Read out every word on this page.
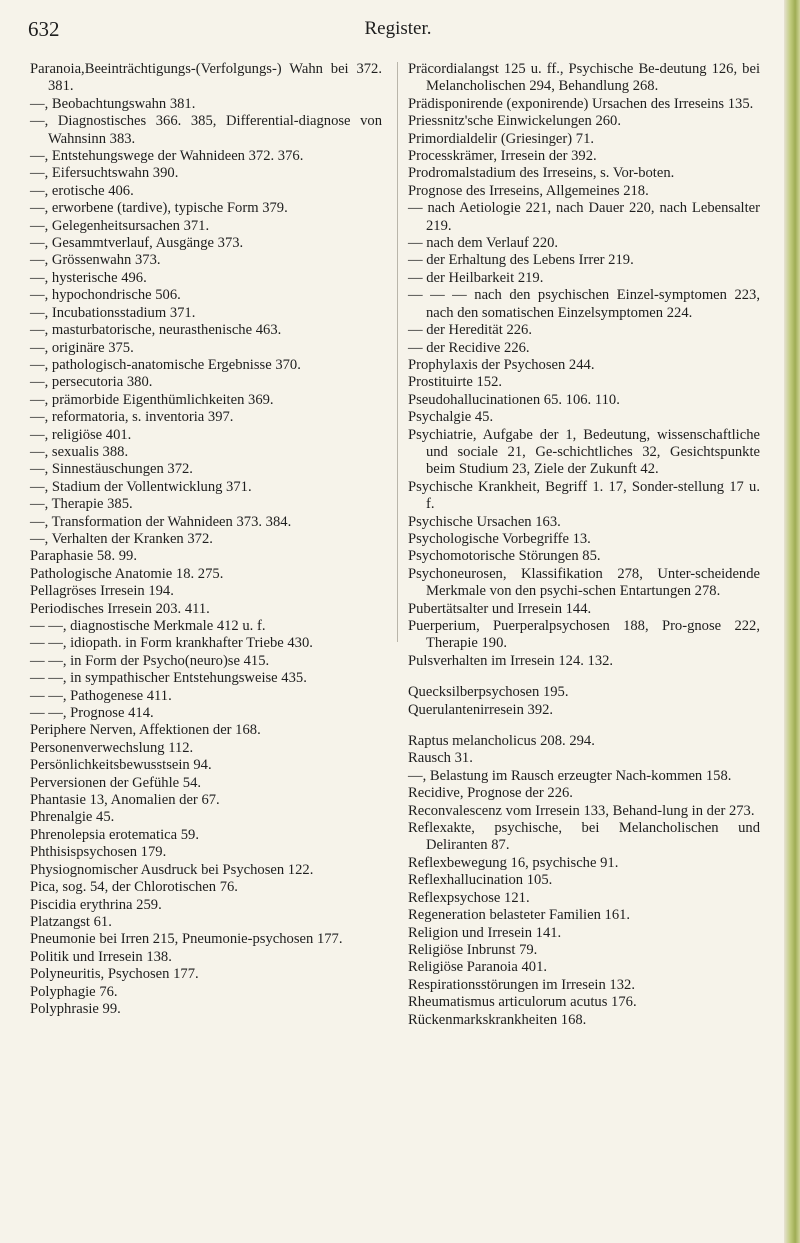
632	Register.
Paranoia,Beeinträchtigungs-(Verfolgungs-) Wahn bei 372. 381.
—, Beobachtungswahn 381.
—, Diagnostisches 366. 385, Differential-diagnose von Wahnsinn 383.
—, Entstehungswege der Wahnideen 372. 376.
—, Eifersuchtswahn 390.
—, erotische 406.
—, erworbene (tardive), typische Form 379.
—, Gelegenheitsursachen 371.
—, Gesammtverlauf, Ausgänge 373.
—, Grössenwahn 373.
—, hysterische 496.
—, hypochondrische 506.
—, Incubationsstadium 371.
—, masturbatorische, neurasthenische 463.
—, originäre 375.
—, pathologisch-anatomische Ergebnisse 370.
—, persecutoria 380.
—, prämorbide Eigenthümlichkeiten 369.
—, reformatoria, s. inventoria 397.
—, religiöse 401.
—, sexualis 388.
—, Sinnestäuschungen 372.
—, Stadium der Vollentwicklung 371.
—, Therapie 385.
—, Transformation der Wahnideen 373. 384.
—, Verhalten der Kranken 372.
Paraphasie 58. 99.
Pathologische Anatomie 18. 275.
Pellagröses Irresein 194.
Periodisches Irresein 203. 411.
— —, diagnostische Merkmale 412 u. f.
— —, idiopath. in Form krankhafter Triebe 430.
— —, in Form der Psycho(neuro)se 415.
— —, in sympathischer Entstehungsweise 435.
— —, Pathogenese 411.
— —, Prognose 414.
Periphere Nerven, Affektionen der 168.
Personenverwechslung 112.
Persönlichkeitsbewusstsein 94.
Perversionen der Gefühle 54.
Phantasie 13, Anomalien der 67.
Phrenalgie 45.
Phrenolepsia erotematica 59.
Phthisispsychosen 179.
Physiognomischer Ausdruck bei Psychosen 122.
Pica, sog. 54, der Chlorotischen 76.
Piscidia erythrina 259.
Platzangst 61.
Pneumonie bei Irren 215, Pneumonie-psychosen 177.
Politik und Irresein 138.
Polyneuritis, Psychosen 177.
Polyphagie 76.
Polyphrasie 99.
Präcordialangst 125 u. ff., Psychische Be-deutung 126, bei Melancholischen 294, Behandlung 268.
Prädisponirende (exponirende) Ursachen des Irreseins 135.
Priessnitz'sche Einwickelungen 260.
Primordialdelir (Griesinger) 71.
Processkrämer, Irresein der 392.
Prodromalstadium des Irreseins, s. Vor-boten.
Prognose des Irreseins, Allgemeines 218.
— nach Aetiologie 221, nach Dauer 220, nach Lebensalter 219.
— nach dem Verlauf 220.
— der Erhaltung des Lebens Irrer 219.
— der Heilbarkeit 219.
— — — nach den psychischen Einzel-symptomen 223, nach den somatischen Einzelsymptomen 224.
— der Heredität 226.
— der Recidive 226.
Prophylaxis der Psychosen 244.
Prostituirte 152.
Pseudohallucinationen 65. 106. 110.
Psychalgie 45.
Psychiatrie, Aufgabe der 1, Bedeutung, wissenschaftliche und sociale 21, Ge-schichtliches 32, Gesichtspunkte beim Studium 23, Ziele der Zukunft 42.
Psychische Krankheit, Begriff 1. 17, Sonder-stellung 17 u. f.
Psychische Ursachen 163.
Psychologische Vorbegriffe 13.
Psychomotorische Störungen 85.
Psychoneurosen, Klassifikation 278, Unter-scheidende Merkmale von den psychi-schen Entartungen 278.
Pubertätsalter und Irresein 144.
Puerperium, Puerperalpsychosen 188, Pro-gnose 222, Therapie 190.
Pulsverhalten im Irresein 124. 132.
Quecksilberpsychosen 195.
Querulantenirresein 392.
Raptus melancholicus 208. 294.
Rausch 31.
—, Belastung im Rausch erzeugter Nach-kommen 158.
Recidive, Prognose der 226.
Reconvalescenz vom Irresein 133, Behand-lung in der 273.
Reflexakte, psychische, bei Melancholischen und Deliranten 87.
Reflexbewegung 16, psychische 91.
Reflexhallucination 105.
Reflexpsychose 121.
Regeneration belasteter Familien 161.
Religion und Irresein 141.
Religiöse Inbrunst 79.
Religiöse Paranoia 401.
Respirationsstörungen im Irresein 132.
Rheumatismus articulorum acutus 176.
Rückenmarkskrankheiten 168.
